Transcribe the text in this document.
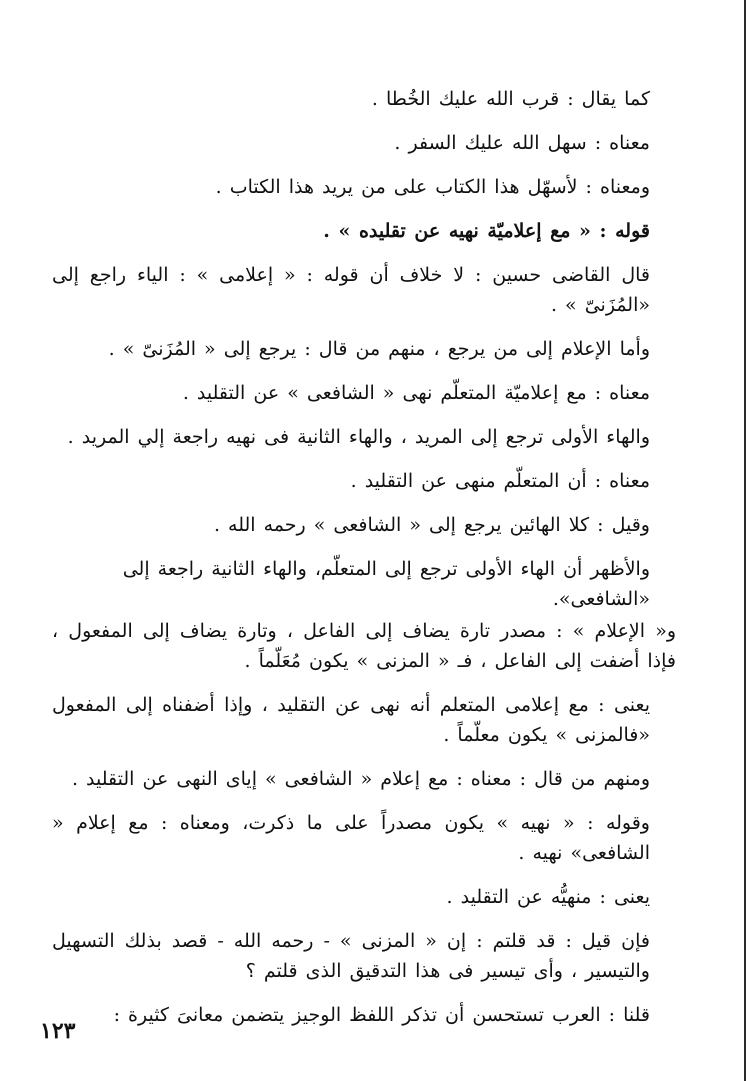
كما يقال : قرب الله عليك الخُطا .

معناه : سهل الله عليك السفر .

ومعناه : لأسهّل هذا الكتاب على من يريد هذا الكتاب .

قوله : « مع إعلاميّة نهيه عن تقليده » .

قال القاضى حسين : لا خلاف أن قوله : « إعلامى » : الياء راجع إلى «المُزَنىّ » .

وأما الإعلام إلى من يرجع ، منهم من قال : يرجع إلى « المُزَنىّ » .

معناه : مع إعلاميّة المتعلّم نهى « الشافعى » عن التقليد .

والهاء الأولى ترجع إلى المريد ، والهاء الثانية فى نهيه راجعة إلي المريد .

معناه : أن المتعلّم منهى عن التقليد .

وقيل : كلا الهائين يرجع إلى « الشافعى » رحمه الله .

والأظهر أن الهاء الأولى ترجع إلى المتعلّم، والهاء الثانية راجعة إلى «الشافعى».

و« الإعلام » : مصدر تارة يضاف إلى الفاعل ، وتارة يضاف إلى المفعول ، فإذا أضفت إلى الفاعل ، فـ « المزنى » يكون مُعَلّماً .

يعنى : مع إعلامى المتعلم أنه نهى عن التقليد ، وإذا أضفناه إلى المفعول «فالمزنى » يكون معلّماً .

ومنهم من قال : معناه : مع إعلام « الشافعى » إياى النهى عن التقليد .

وقوله : « نهيه » يكون مصدراً على ما ذكرت، ومعناه : مع إعلام « الشافعى» نهيه .

يعنى : منهيُّه عن التقليد .

فإن قيل : قد قلتم : إن « المزنى » - رحمه الله - قصد بذلك التسهيل والتيسير ، وأى تيسير فى هذا التدقيق الذى قلتم ؟

قلنا : العرب تستحسن أن تذكر اللفظ الوجيز يتضمن معانىَ كثيرة :

١٢٣
